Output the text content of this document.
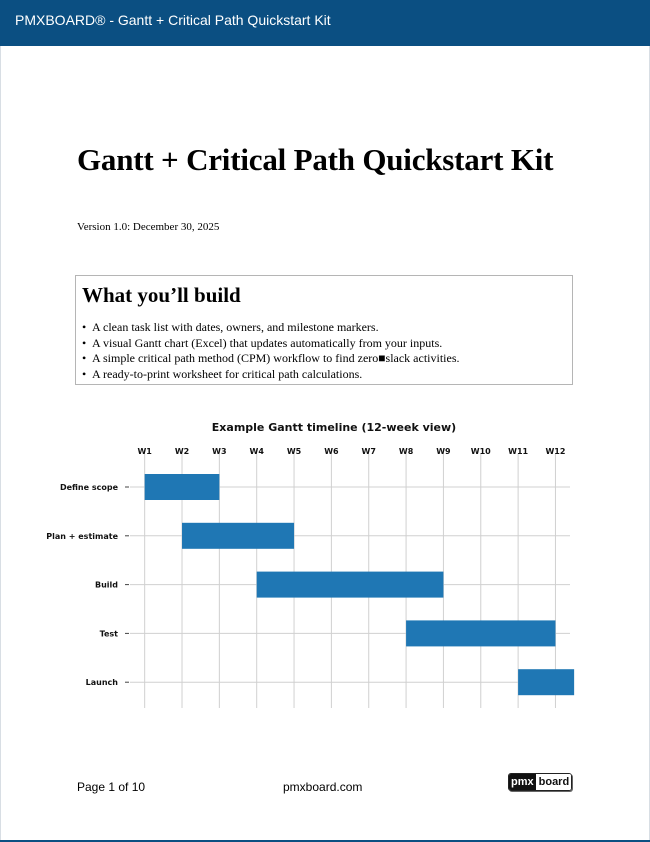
PMXBOARD® - Gantt + Critical Path Quickstart Kit
Gantt + Critical Path Quickstart Kit
Version 1.0: December 30, 2025
What you’ll build
• A clean task list with dates, owners, and milestone markers.
• A visual Gantt chart (Excel) that updates automatically from your inputs.
• A simple critical path method (CPM) workflow to find zero■slack activities.
• A ready-to-print worksheet for critical path calculations.
Example Gantt timeline (12-week view)
W1	W2	W3	W4	W5	W6	W7	W8	W9	W10 W11 W12
Define scope
Plan + estimate
Build
Test
Launch
Page 1 of 10	pmxboard.com	pmx board
